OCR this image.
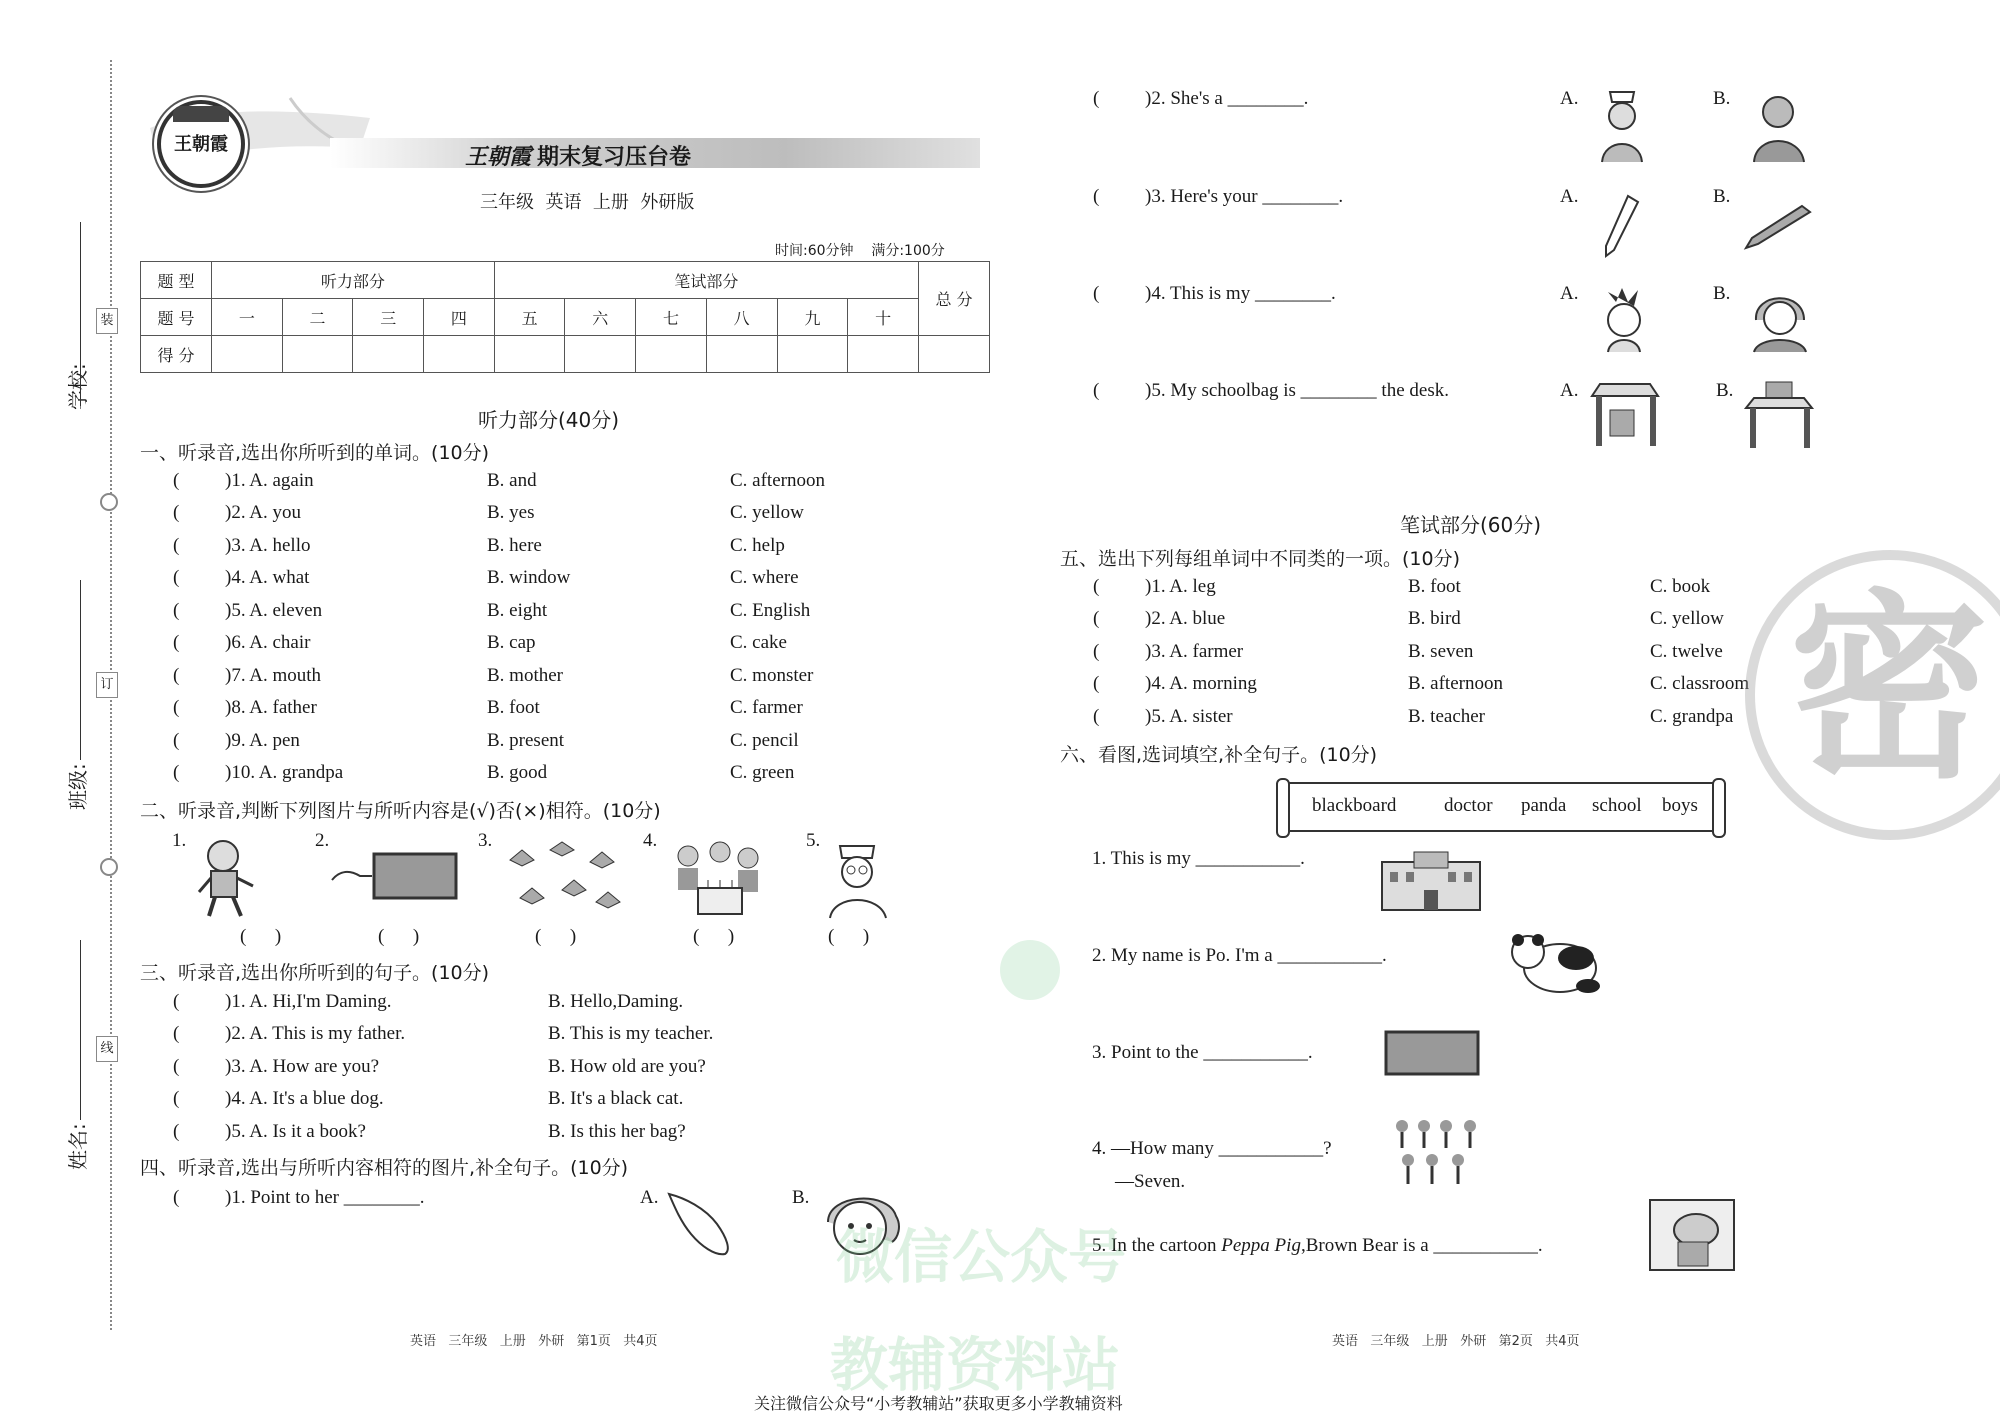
装
订
线
学校:
班级:
姓名:
王朝霞	王朝霞 期末复习压台卷
三年级  英语  上册  外研版
时间:60分钟    满分:100分
题 型	听力部分				笔试部分						总 分
题 号	一	二	三	四	五	六	七	八	九	十	
得 分											
听力部分(40分)
一、听录音,选出你所听到的单词。(10分)
( )1. A. again	B. and	C. afternoon
( )2. A. you	B. yes	C. yellow
( )3. A. hello	B. here	C. help
( )4. A. what	B. window	C. where
( )5. A. eleven	B. eight	C. English
( )6. A. chair	B. cap	C. cake
( )7. A. mouth	B. mother	C. monster
( )8. A. father	B. foot	C. farmer
( )9. A. pen	B. present	C. pencil
( )10. A. grandpa	B. good	C. green
二、听录音,判断下列图片与所听内容是(√)否(×)相符。(10分)
1.	2.	3.	4.	5.
(      )	(      )	(      )	(      )	(      )
三、听录音,选出你所听到的句子。(10分)
( )1. A. Hi,I'm Daming.	B. Hello,Daming.
( )2. A. This is my father.	B. This is my teacher.
( )3. A. How are you?	B. How old are you?
( )4. A. It's a blue dog.	B. It's a black cat.
( )5. A. Is it a book?	B. Is this her bag?
四、听录音,选出与所听内容相符的图片,补全句子。(10分)
( )1. Point to her ________.	A.	B.
英语   三年级   上册   外研   第1页   共4页
( )2. She's a ________.	A.	B.
( )3. Here's your ________.	A.	B.
( )4. This is my ________.	A.	B.
( )5. My schoolbag is ________ the desk.	A.	B.
笔试部分(60分)
五、选出下列每组单词中不同类的一项。(10分)
( )1. A. leg	B. foot	C. book
( )2. A. blue	B. bird	C. yellow
( )3. A. farmer	B. seven	C. twelve
( )4. A. morning	B. afternoon	C. classroom
( )5. A. sister	B. teacher	C. grandpa
六、看图,选词填空,补全句子。(10分)
blackboard	doctor panda school boys
1. This is my ___________.
2. My name is Po. I'm a ___________.
3. Point to the ___________.
4. —How many ___________?
—Seven.
5. In the cartoon Peppa Pig,Brown Bear is a ___________.
英语   三年级   上册   外研   第2页   共4页
关注微信公众号“小考教辅站”获取更多小学教辅资料
密
微信公众号
教辅资料站
